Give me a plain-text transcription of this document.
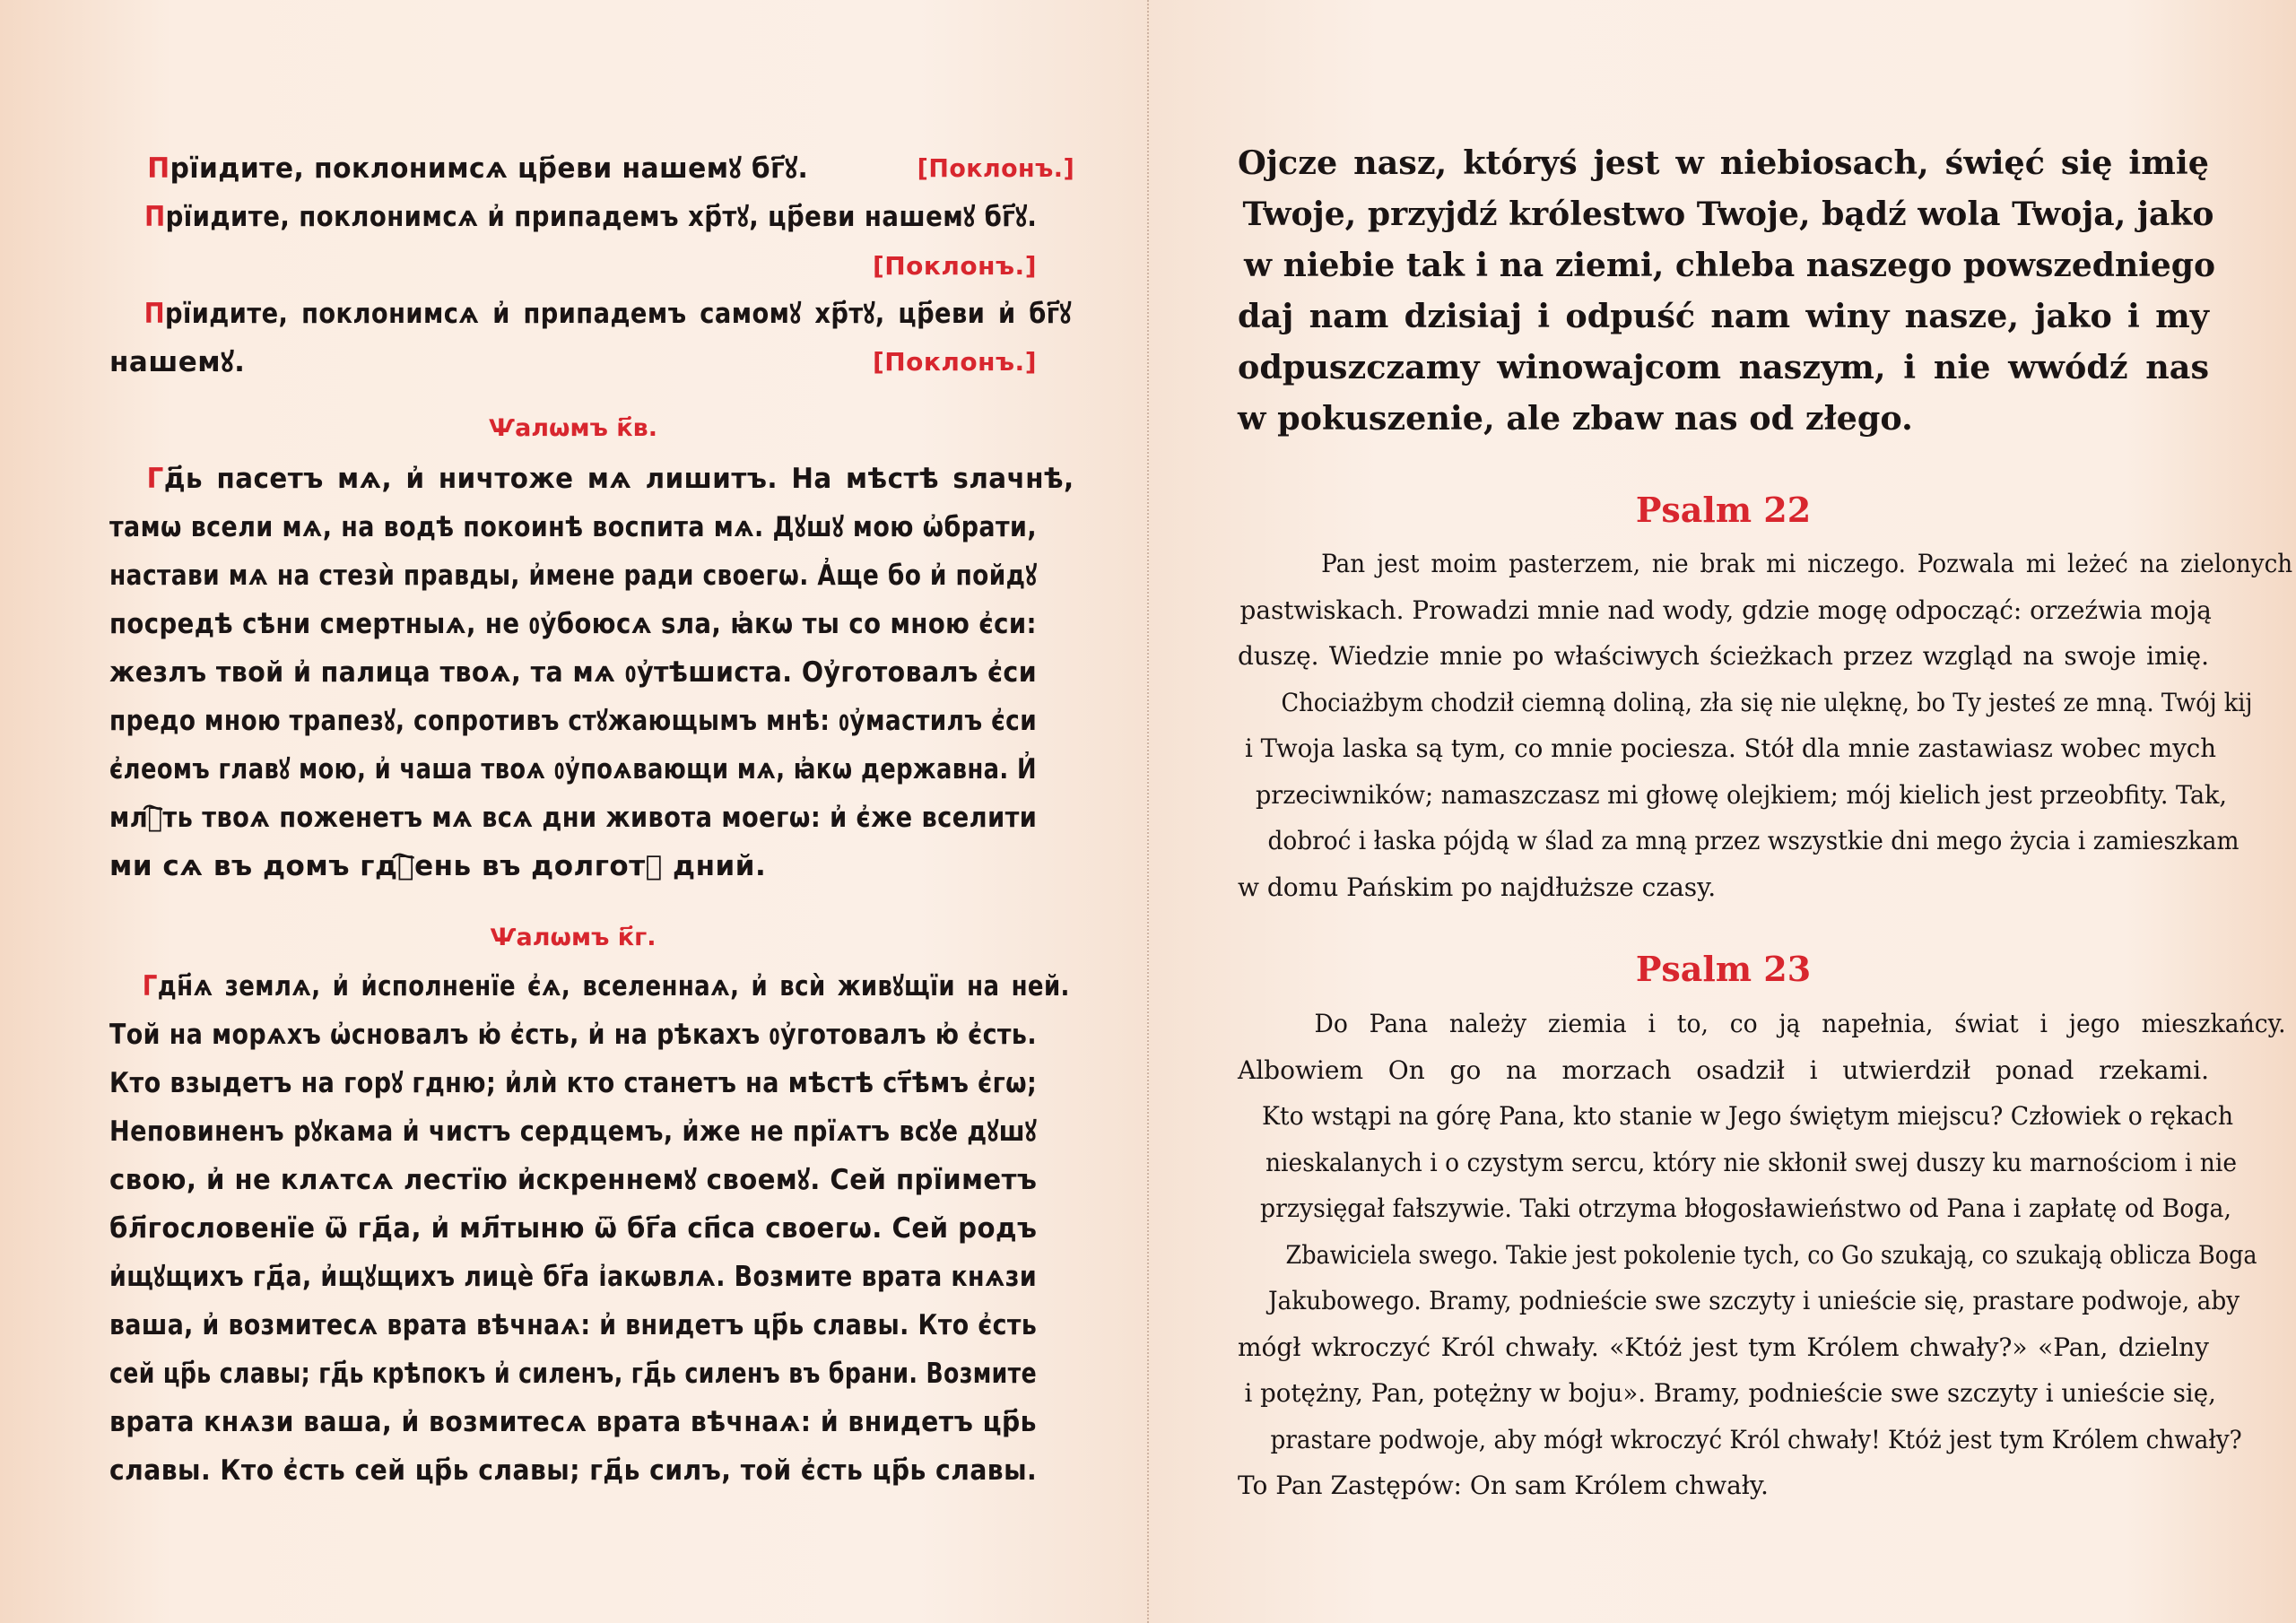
Прїидите, поклонимсѧ цр҃еви нашемꙋ бг҃ꙋ.	[Поклонъ.]
Прїидите, поклонимсѧ и҆ припадемъ хр҃тꙋ, цр҃еви нашемꙋ бг҃ꙋ.
[Поклонъ.]
Прїидите, поклонимсѧ и҆ припадемъ самомꙋ хр҃тꙋ, цр҃еви и҆ бг҃ꙋ
нашемꙋ.	[Поклонъ.]
Ѱалѡмъ к҃в.
Гд҃ь пасетъ мѧ, и҆ ничтоже мѧ лишитъ. На мѣстѣ ѕлачнѣ,
тамѡ всели мѧ, на водѣ покоинѣ воспита мѧ. Дꙋшꙋ мою ѡ҆брати,
настави мѧ на стезѝ правды, и҆мене ради своегѡ. А҆ще бо и҆ пойдꙋ
посредѣ сѣни смертныѧ, не ᲂу҆боюсѧ ѕла, ꙗ҆кѡ ты со мною є҆си:
жезлъ твой и҆ палица твоѧ, та мѧ ᲂу҆тѣшиста. Оу҆готовалъ є҆си
предо мною трапезꙋ, сопротивъ стꙋжающымъ мнѣ: ᲂу҆мастилъ є҆си
є҆леомъ главꙋ мою, и҆ чаша твоѧ ᲂу҆поѧвающи мѧ, ꙗ҆кѡ державна. И҆
млⷭ҇ть твоѧ поженетъ мѧ всѧ дни живота моегѡ: и҆ є҆же вселити
ми сѧ въ домъ гдⷭ҇ень въ долготꙋ дний.
Ѱалѡмъ к҃г.
Гдн҃ѧ землѧ, и҆ и҆сполненїе є҆ѧ, вселеннаѧ, и҆ всѝ живꙋщїи на ней.
Той на морѧхъ ѡ҆сновалъ ю҆ є҆сть, и҆ на рѣкахъ ᲂу҆готовалъ ю҆ є҆сть.
Кто взыдетъ на горꙋ гдню; и҆лѝ кто станетъ на мѣстѣ ст҃ѣмъ є҆гѡ;
Неповиненъ рꙋкама и҆ чистъ сердцемъ, и҆же не прїѧтъ всꙋе дꙋшꙋ
свою, и҆ не клѧтсѧ лестїю и҆скреннемꙋ своемꙋ. Сей прїиметъ
бл҃гословенїе ѿ гд҃а, и҆ мл҃тыню ѿ бг҃а сп҃са своегѡ. Сей родъ
и҆щꙋщихъ гд҃а, и҆щꙋщихъ лицѐ бг҃а і҆акѡвлѧ. Возмите врата кнѧзи
ваша, и҆ возмитесѧ врата вѣчнаѧ: и҆ внидетъ цр҃ь славы. Кто є҆сть
сей цр҃ь славы; гд҃ь крѣпокъ и҆ силенъ, гд҃ь силенъ въ брани. Возмите
врата кнѧзи ваша, и҆ возмитесѧ врата вѣчнаѧ: и҆ внидетъ цр҃ь
славы. Кто є҆сть сей цр҃ь славы; гд҃ь силъ, той є҆сть цр҃ь славы.
Ojcze nasz, któryś jest w niebiosach, święć się imię
Twoje, przyjdź królestwo Twoje, bądź wola Twoja, jako
w niebie tak i na ziemi, chleba naszego powszedniego
daj nam dzisiaj i odpuść nam winy nasze, jako i my
odpuszczamy winowajcom naszym, i nie wwódź nas
w pokuszenie, ale zbaw nas od złego.
Psalm 22
Pan jest moim pasterzem, nie brak mi niczego. Pozwala mi leżeć na zielonych
pastwiskach. Prowadzi mnie nad wody, gdzie mogę odpocząć: orzeźwia moją
duszę. Wiedzie mnie po właściwych ścieżkach przez wzgląd na swoje imię.
Chociażbym chodził ciemną doliną, zła się nie ulęknę, bo Ty jesteś ze mną. Twój kij
i Twoja laska są tym, co mnie pociesza. Stół dla mnie zastawiasz wobec mych
przeciwników; namaszczasz mi głowę olejkiem; mój kielich jest przeobfity. Tak,
dobroć i łaska pójdą w ślad za mną przez wszystkie dni mego życia i zamieszkam
w domu Pańskim po najdłuższe czasy.
Psalm 23
Do Pana należy ziemia i to, co ją napełnia, świat i jego mieszkańcy.
Albowiem On go na morzach osadził i utwierdził ponad rzekami.
Kto wstąpi na górę Pana, kto stanie w Jego świętym miejscu? Człowiek o rękach
nieskalanych i o czystym sercu, który nie skłonił swej duszy ku marnościom i nie
przysięgał fałszywie. Taki otrzyma błogosławieństwo od Pana i zapłatę od Boga,
Zbawiciela swego. Takie jest pokolenie tych, co Go szukają, co szukają oblicza Boga
Jakubowego. Bramy, podnieście swe szczyty i unieście się, prastare podwoje, aby
mógł wkroczyć Król chwały. «Któż jest tym Królem chwały?» «Pan, dzielny
i potężny, Pan, potężny w boju». Bramy, podnieście swe szczyty i unieście się,
prastare podwoje, aby mógł wkroczyć Król chwały! Któż jest tym Królem chwały?
To Pan Zastępów: On sam Królem chwały.
